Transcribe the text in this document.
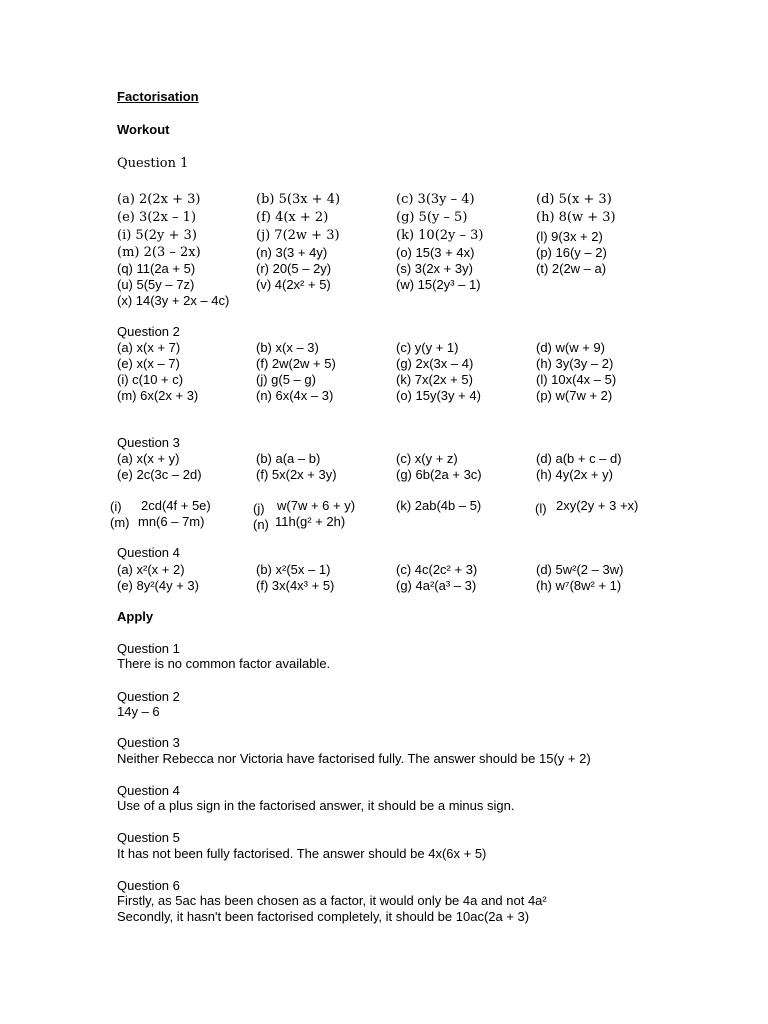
Factorisation
Workout
Question 1
(a) 2(2x + 3)	(b) 5(3x + 4)	(c) 3(3y – 4)	(d) 5(x + 3)
(e) 3(2x – 1)	(f) 4(x + 2)	(g) 5(y – 5)	(h) 8(w + 3)
(i) 5(2y + 3)	(j) 7(2w + 3)	(k) 10(2y – 3)	(l) 9(3x + 2)
(m) 2(3 – 2x)	(n) 3(3 + 4y)	(o) 15(3 + 4x)	(p) 16(y – 2)
(q) 11(2a + 5)	(r) 20(5 – 2y)	(s) 3(2x + 3y)	(t) 2(2w – a)
(u) 5(5y – 7z)	(v) 4(2x² + 5)	(w) 15(2y³ – 1)
(x) 14(3y + 2x – 4c)
Question 2
(a) x(x + 7)	(b) x(x – 3)	(c) y(y + 1)	(d) w(w + 9)
(e) x(x – 7)	(f) 2w(2w + 5)	(g) 2x(3x – 4)	(h) 3y(3y – 2)
(i) c(10 + c)	(j) g(5 – g)	(k) 7x(2x + 5)	(l) 10x(4x – 5)
(m) 6x(2x + 3)	(n) 6x(4x – 3)	(o) 15y(3y + 4)	(p) w(7w + 2)
Question 3
(a) x(x + y)	(b) a(a – b)	(c) x(y + z)	(d) a(b + c – d)
(e) 2c(3c – 2d)	(f) 5x(2x + 3y)	(g) 6b(2a + 3c)	(h) 4y(2x + y)
(i) 2cd(4f + 5e)	(j) w(7w + 6 + y)	(k) 2ab(4b – 5)	(l) 2xy(2y + 3 +x)
(m) mn(6 – 7m)	(n) 11h(g² + 2h)
Question 4
(a) x²(x + 2)	(b) x²(5x – 1)	(c) 4c(2c² + 3)	(d) 5w²(2 – 3w)
(e) 8y²(4y + 3)	(f) 3x(4x³ + 5)	(g) 4a²(a³ – 3)	(h) w⁷(8w² + 1)
Apply
Question 1
There is no common factor available.
Question 2
14y – 6
Question 3
Neither Rebecca nor Victoria have factorised fully. The answer should be 15(y + 2)
Question 4
Use of a plus sign in the factorised answer, it should be a minus sign.
Question 5
It has not been fully factorised. The answer should be 4x(6x + 5)
Question 6
Firstly, as 5ac has been chosen as a factor, it would only be 4a and not 4a²
Secondly, it hasn't been factorised completely, it should be 10ac(2a + 3)
